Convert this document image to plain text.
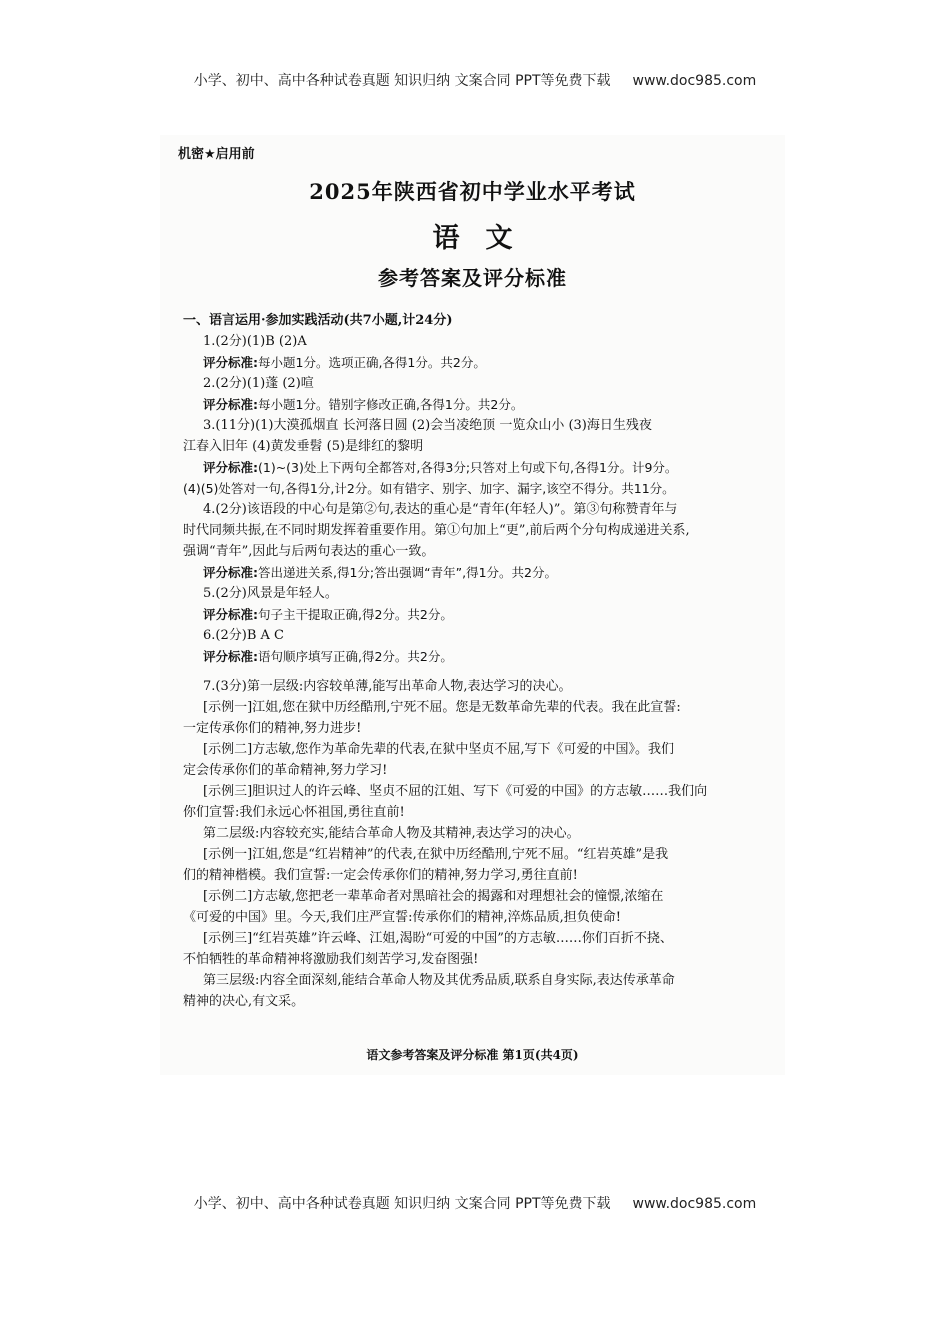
小学、初中、高中各种试卷真题 知识归纳 文案合同 PPT等免费下载 www.doc985.com
机密★启用前
2025年陕西省初中学业水平考试
语文
参考答案及评分标准
一、语言运用·参加实践活动(共7小题,计24分)
1.(2分)(1)B (2)A
评分标准:每小题1分。选项正确,各得1分。共2分。
2.(2分)(1)蓬 (2)喧
评分标准:每小题1分。错别字修改正确,各得1分。共2分。
3.(11分)(1)大漠孤烟直 长河落日圆 (2)会当凌绝顶 一览众山小 (3)海日生残夜
江春入旧年 (4)黄发垂髫 (5)是绯红的黎明
评分标准:(1)~(3)处上下两句全都答对,各得3分;只答对上句或下句,各得1分。计9分。
(4)(5)处答对一句,各得1分,计2分。如有错字、别字、加字、漏字,该空不得分。共11分。
4.(2分)该语段的中心句是第②句,表达的重心是“青年(年轻人)”。第③句称赞青年与
时代同频共振,在不同时期发挥着重要作用。第①句加上“更”,前后两个分句构成递进关系,
强调“青年”,因此与后两句表达的重心一致。
评分标准:答出递进关系,得1分;答出强调“青年”,得1分。共2分。
5.(2分)风景是年轻人。
评分标准:句子主干提取正确,得2分。共2分。
6.(2分)B A C
评分标准:语句顺序填写正确,得2分。共2分。
7.(3分)第一层级:内容较单薄,能写出革命人物,表达学习的决心。
[示例一]江姐,您在狱中历经酷刑,宁死不屈。您是无数革命先辈的代表。我在此宣誓:
一定传承你们的精神,努力进步!
[示例二]方志敏,您作为革命先辈的代表,在狱中坚贞不屈,写下《可爱的中国》。我们
定会传承你们的革命精神,努力学习!
[示例三]胆识过人的许云峰、坚贞不屈的江姐、写下《可爱的中国》的方志敏……我们向
你们宣誓:我们永远心怀祖国,勇往直前!
第二层级:内容较充实,能结合革命人物及其精神,表达学习的决心。
[示例一]江姐,您是“红岩精神”的代表,在狱中历经酷刑,宁死不屈。“红岩英雄”是我
们的精神楷模。我们宣誓:一定会传承你们的精神,努力学习,勇往直前!
[示例二]方志敏,您把老一辈革命者对黑暗社会的揭露和对理想社会的憧憬,浓缩在
《可爱的中国》里。今天,我们庄严宣誓:传承你们的精神,淬炼品质,担负使命!
[示例三]“红岩英雄”许云峰、江姐,渴盼“可爱的中国”的方志敏……你们百折不挠、
不怕牺牲的革命精神将激励我们刻苦学习,发奋图强!
第三层级:内容全面深刻,能结合革命人物及其优秀品质,联系自身实际,表达传承革命
精神的决心,有文采。
语文参考答案及评分标准 第1页(共4页)
小学、初中、高中各种试卷真题 知识归纳 文案合同 PPT等免费下载 www.doc985.com
